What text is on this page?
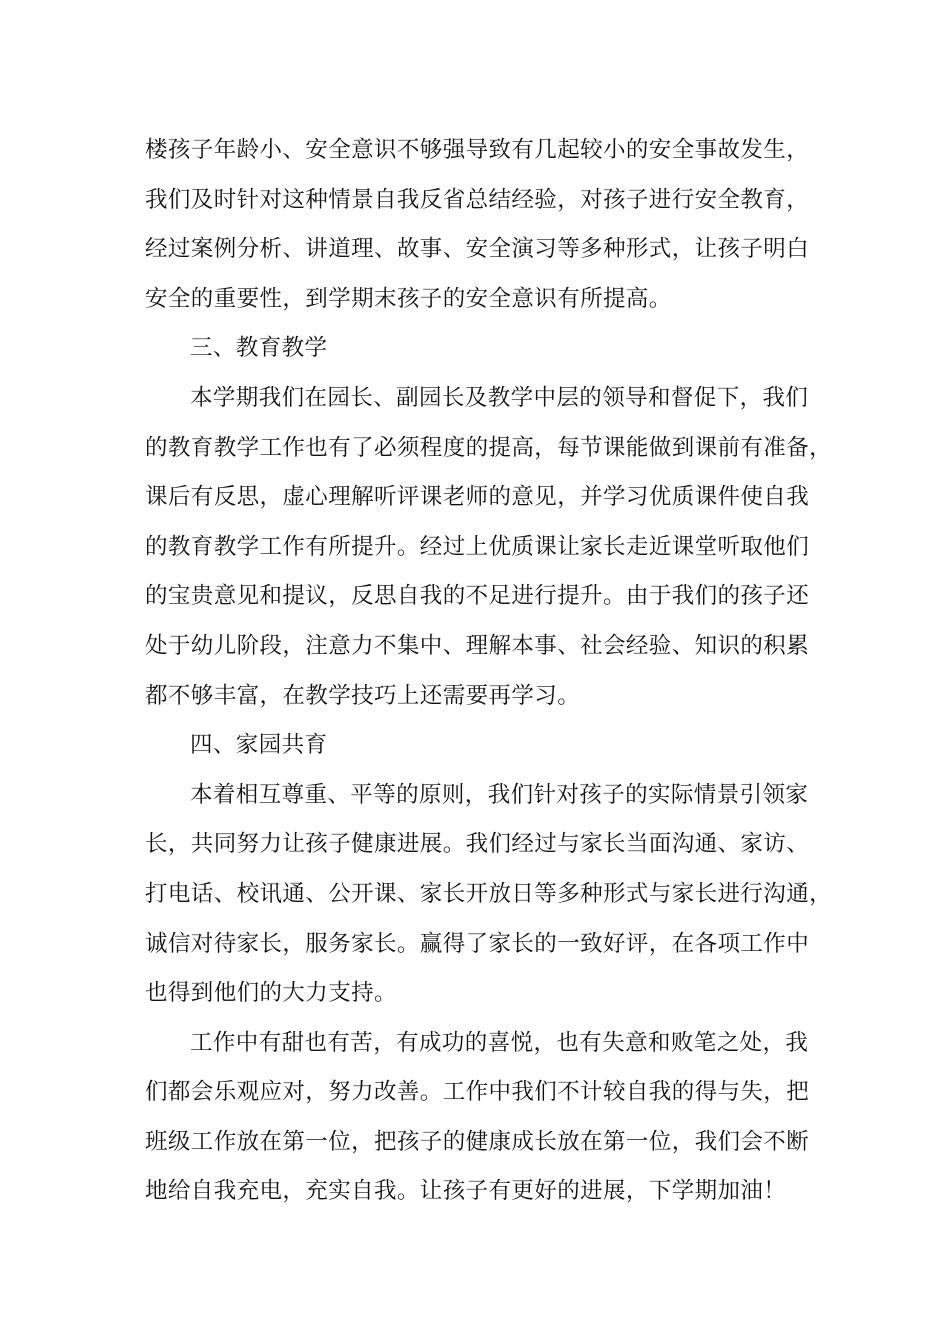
楼孩子年龄小、安全意识不够强导致有几起较小的安全事故发生，
我们及时针对这种情景自我反省总结经验，对孩子进行安全教育，
经过案例分析、讲道理、故事、安全演习等多种形式，让孩子明白
安全的重要性，到学期末孩子的安全意识有所提高。
三、教育教学
本学期我们在园长、副园长及教学中层的领导和督促下，我们
的教育教学工作也有了必须程度的提高，每节课能做到课前有准备，
课后有反思，虚心理解听评课老师的意见，并学习优质课件使自我
的教育教学工作有所提升。经过上优质课让家长走近课堂听取他们
的宝贵意见和提议，反思自我的不足进行提升。由于我们的孩子还
处于幼儿阶段，注意力不集中、理解本事、社会经验、知识的积累
都不够丰富，在教学技巧上还需要再学习。
四、家园共育
本着相互尊重、平等的原则，我们针对孩子的实际情景引领家
长，共同努力让孩子健康进展。我们经过与家长当面沟通、家访、
打电话、校讯通、公开课、家长开放日等多种形式与家长进行沟通，
诚信对待家长，服务家长。赢得了家长的一致好评，在各项工作中
也得到他们的大力支持。
工作中有甜也有苦，有成功的喜悦，也有失意和败笔之处，我
们都会乐观应对，努力改善。工作中我们不计较自我的得与失，把
班级工作放在第一位，把孩子的健康成长放在第一位，我们会不断
地给自我充电，充实自我。让孩子有更好的进展，下学期加油！
